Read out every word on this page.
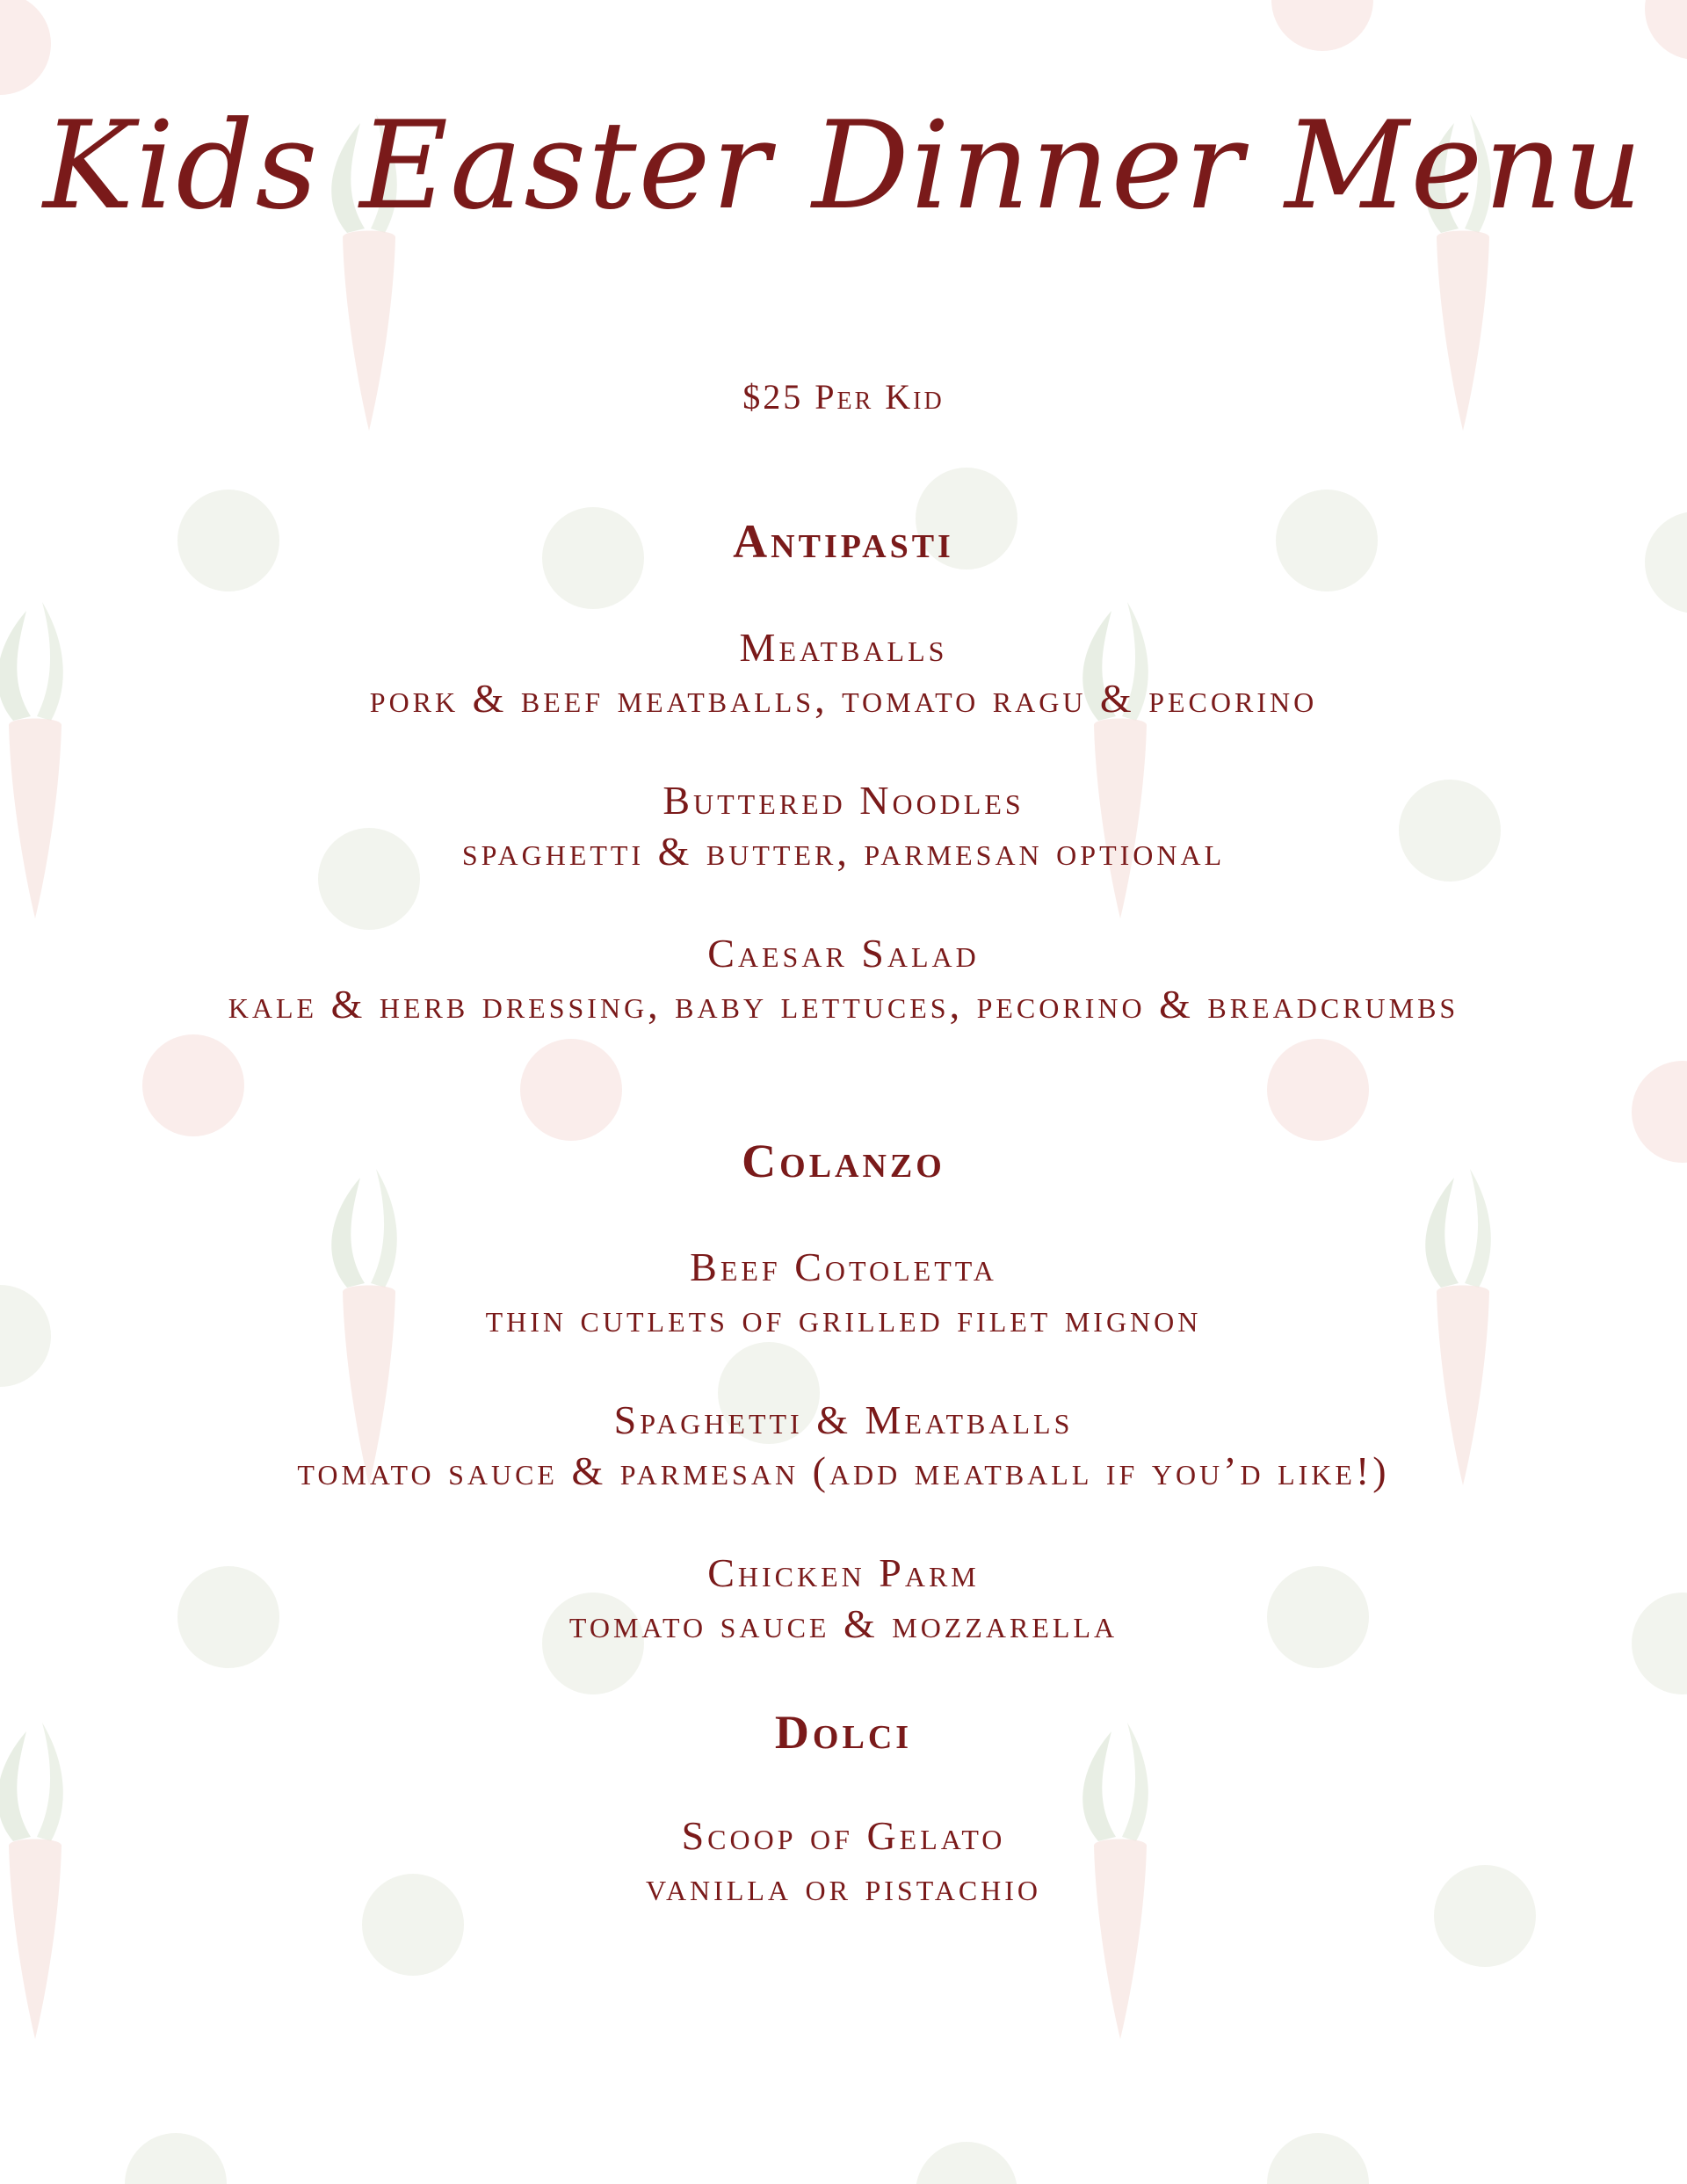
Kids Easter Dinner Menu
$25 Per Kid
Antipasti
Meatballs
pork & beef meatballs, tomato ragu & pecorino
Buttered Noodles
spaghetti & butter, parmesan optional
Caesar Salad
kale & herb dressing, baby lettuces, pecorino & breadcrumbs
Colanzo
Beef Cotoletta
thin cutlets of grilled filet mignon
Spaghetti & Meatballs
tomato sauce & parmesan (add meatball if you’d like!)
Chicken Parm
tomato sauce & mozzarella
Dolci
Scoop of Gelato
vanilla or pistachio
